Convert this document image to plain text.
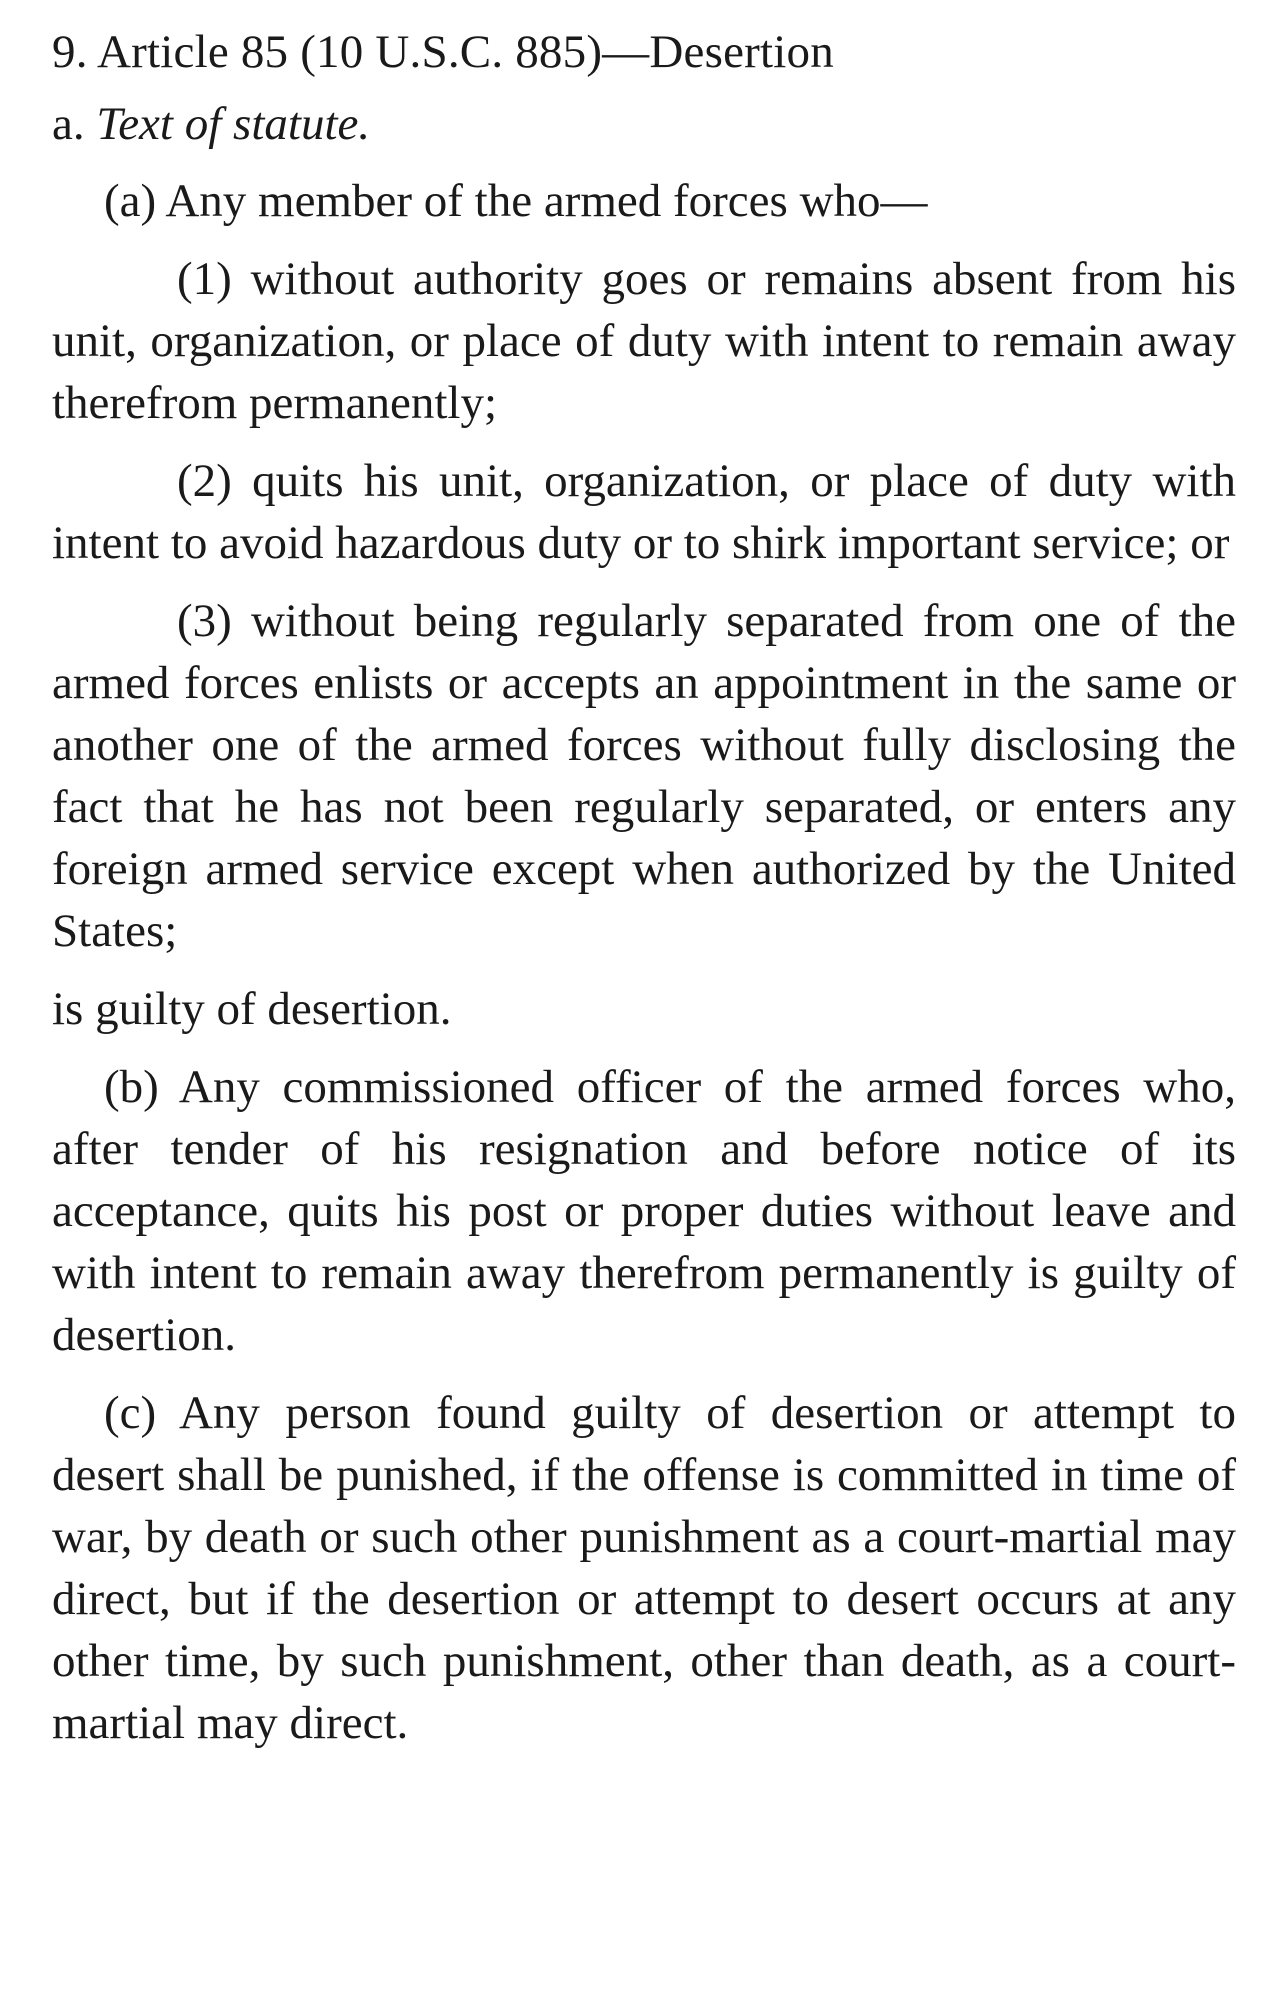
9. Article 85 (10 U.S.C. 885)—Desertion
a. Text of statute.

(a) Any member of the armed forces who—

(1) without authority goes or remains absent from his unit, organization, or place of duty with intent to remain away therefrom permanently;

(2) quits his unit, organization, or place of duty with intent to avoid hazardous duty or to shirk important service; or

(3) without being regularly separated from one of the armed forces enlists or accepts an appointment in the same or another one of the armed forces without fully disclosing the fact that he has not been regularly separated, or enters any foreign armed service except when authorized by the United States;

is guilty of desertion.

(b) Any commissioned officer of the armed forces who, after tender of his resignation and before notice of its acceptance, quits his post or proper duties without leave and with intent to remain away therefrom permanently is guilty of desertion.

(c) Any person found guilty of desertion or attempt to desert shall be punished, if the offense is committed in time of war, by death or such other punishment as a court-martial may direct, but if the desertion or attempt to desert occurs at any other time, by such punishment, other than death, as a court-martial may direct.
